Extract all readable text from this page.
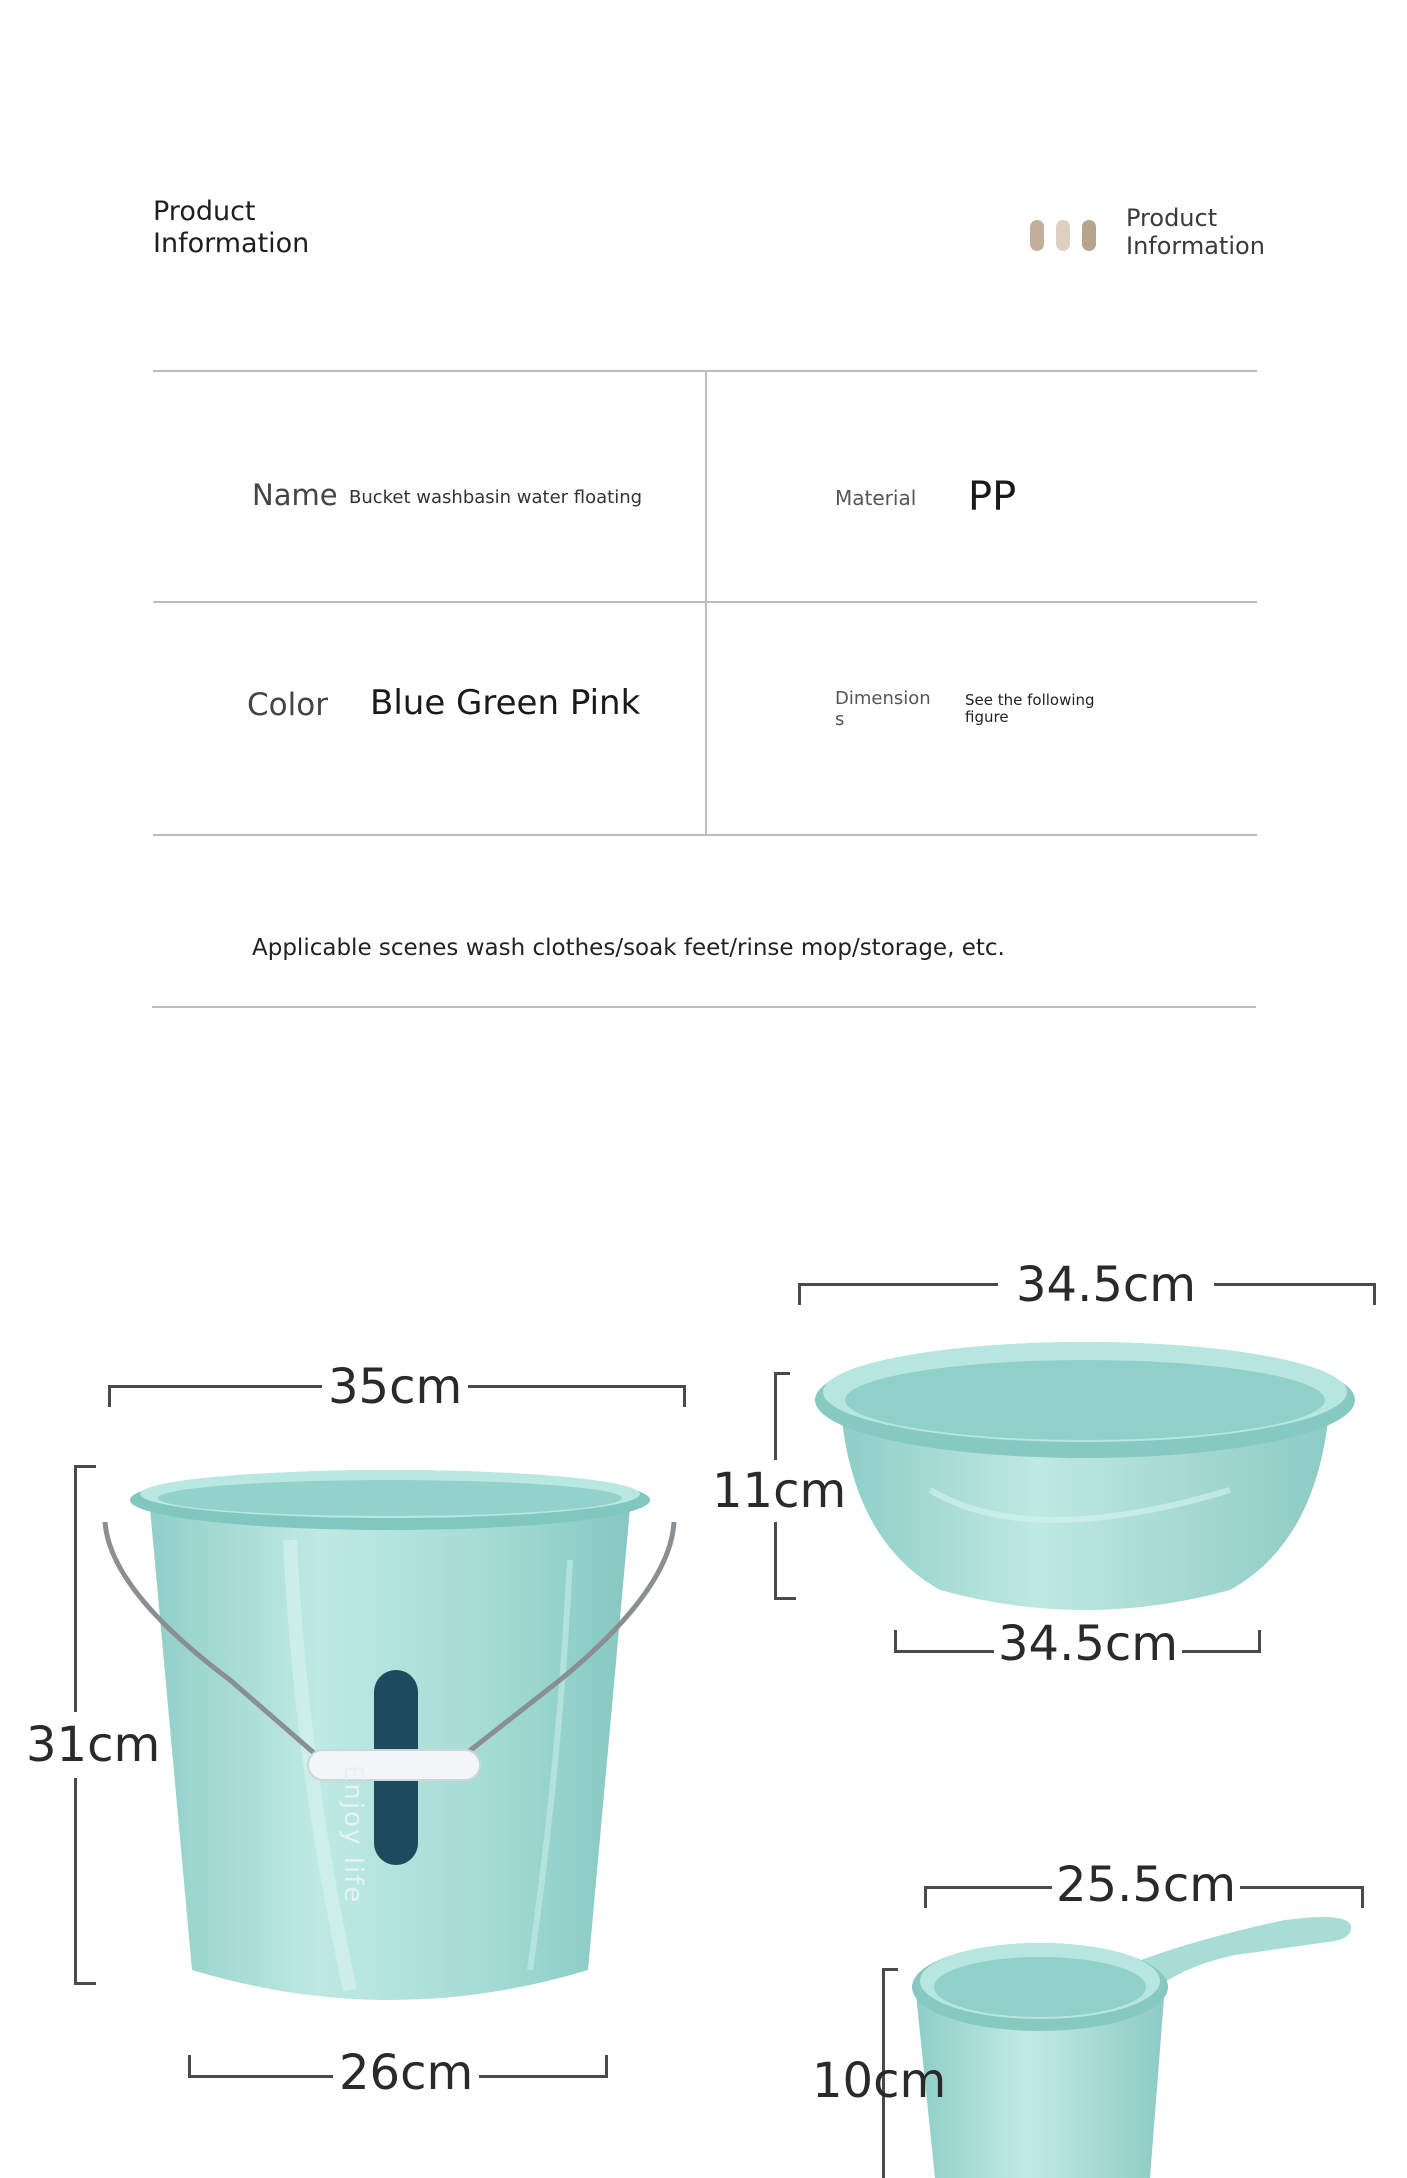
Product
Information
Product
Information
Name Bucket washbasin water floating	Material PP
Color Blue Green Pink	Dimensions
See the following figure
Applicable scenes wash clothes/soak feet/rinse mop/storage, etc.
Enjoy life
35cm
31cm
26cm
34.5cm
11cm
34.5cm
25.5cm
10cm
